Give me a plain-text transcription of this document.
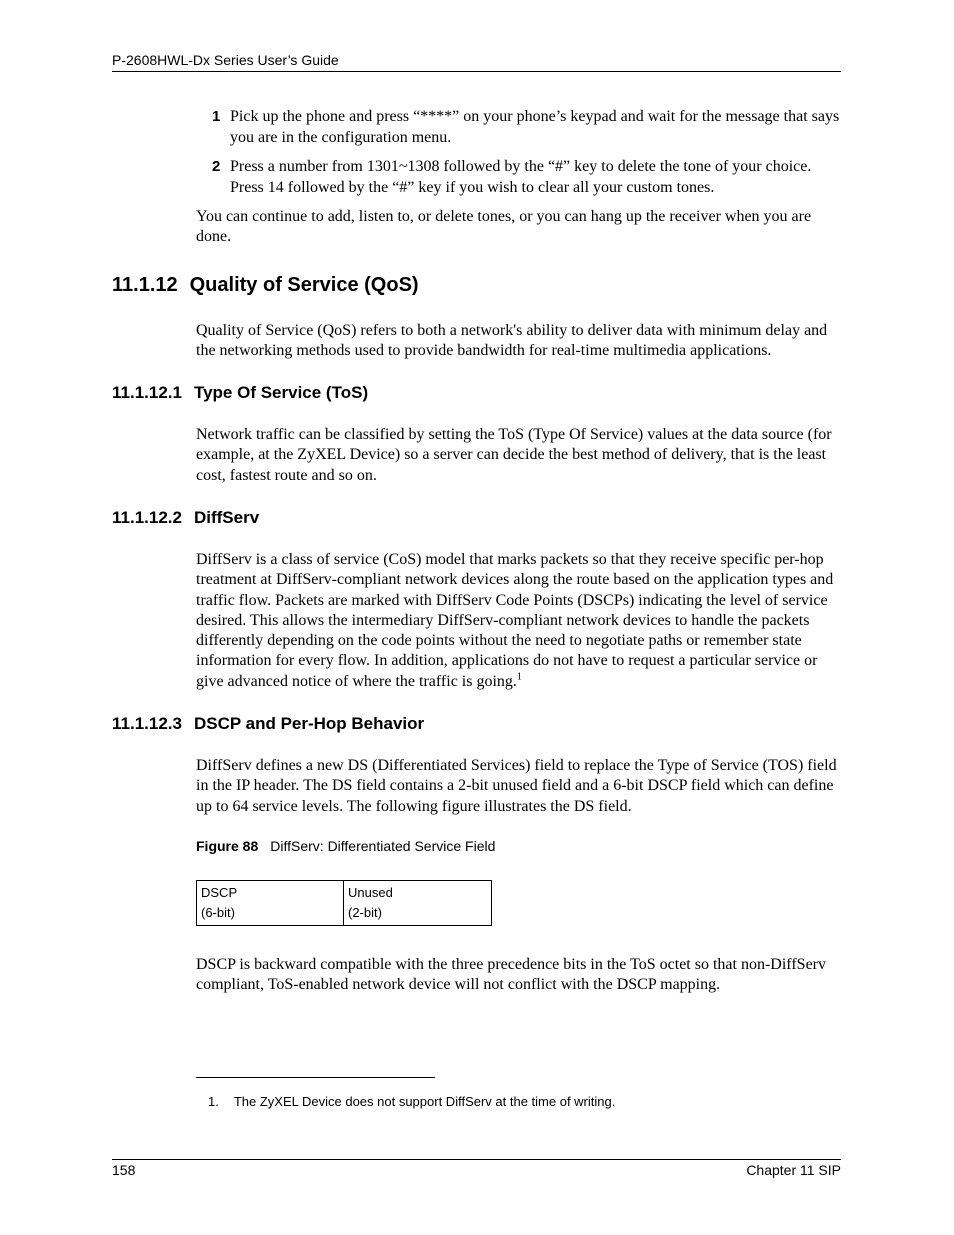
P-2608HWL-Dx Series User’s Guide
1 Pick up the phone and press “****” on your phone’s keypad and wait for the message that says you are in the configuration menu.
2 Press a number from 1301~1308 followed by the “#” key to delete the tone of your choice. Press 14 followed by the “#” key if you wish to clear all your custom tones.
You can continue to add, listen to, or delete tones, or you can hang up the receiver when you are done.
11.1.12 Quality of Service (QoS)
Quality of Service (QoS) refers to both a network's ability to deliver data with minimum delay and the networking methods used to provide bandwidth for real-time multimedia applications.
11.1.12.1 Type Of Service (ToS)
Network traffic can be classified by setting the ToS (Type Of Service) values at the data source (for example, at the ZyXEL Device) so a server can decide the best method of delivery, that is the least cost, fastest route and so on.
11.1.12.2 DiffServ
DiffServ is a class of service (CoS) model that marks packets so that they receive specific per-hop treatment at DiffServ-compliant network devices along the route based on the application types and traffic flow. Packets are marked with DiffServ Code Points (DSCPs) indicating the level of service desired. This allows the intermediary DiffServ-compliant network devices to handle the packets differently depending on the code points without the need to negotiate paths or remember state information for every flow. In addition, applications do not have to request a particular service or give advanced notice of where the traffic is going.$^1$
11.1.12.3 DSCP and Per-Hop Behavior
DiffServ defines a new DS (Differentiated Services) field to replace the Type of Service (TOS) field in the IP header. The DS field contains a 2-bit unused field and a 6-bit DSCP field which can define up to 64 service levels. The following figure illustrates the DS field.
Figure 88 DiffServ: Differentiated Service Field
DSCP
(6-bit)
Unused
(2-bit)
DSCP is backward compatible with the three precedence bits in the ToS octet so that non-DiffServ compliant, ToS-enabled network device will not conflict with the DSCP mapping.
1. The ZyXEL Device does not support DiffServ at the time of writing.
158	Chapter 11 SIP
